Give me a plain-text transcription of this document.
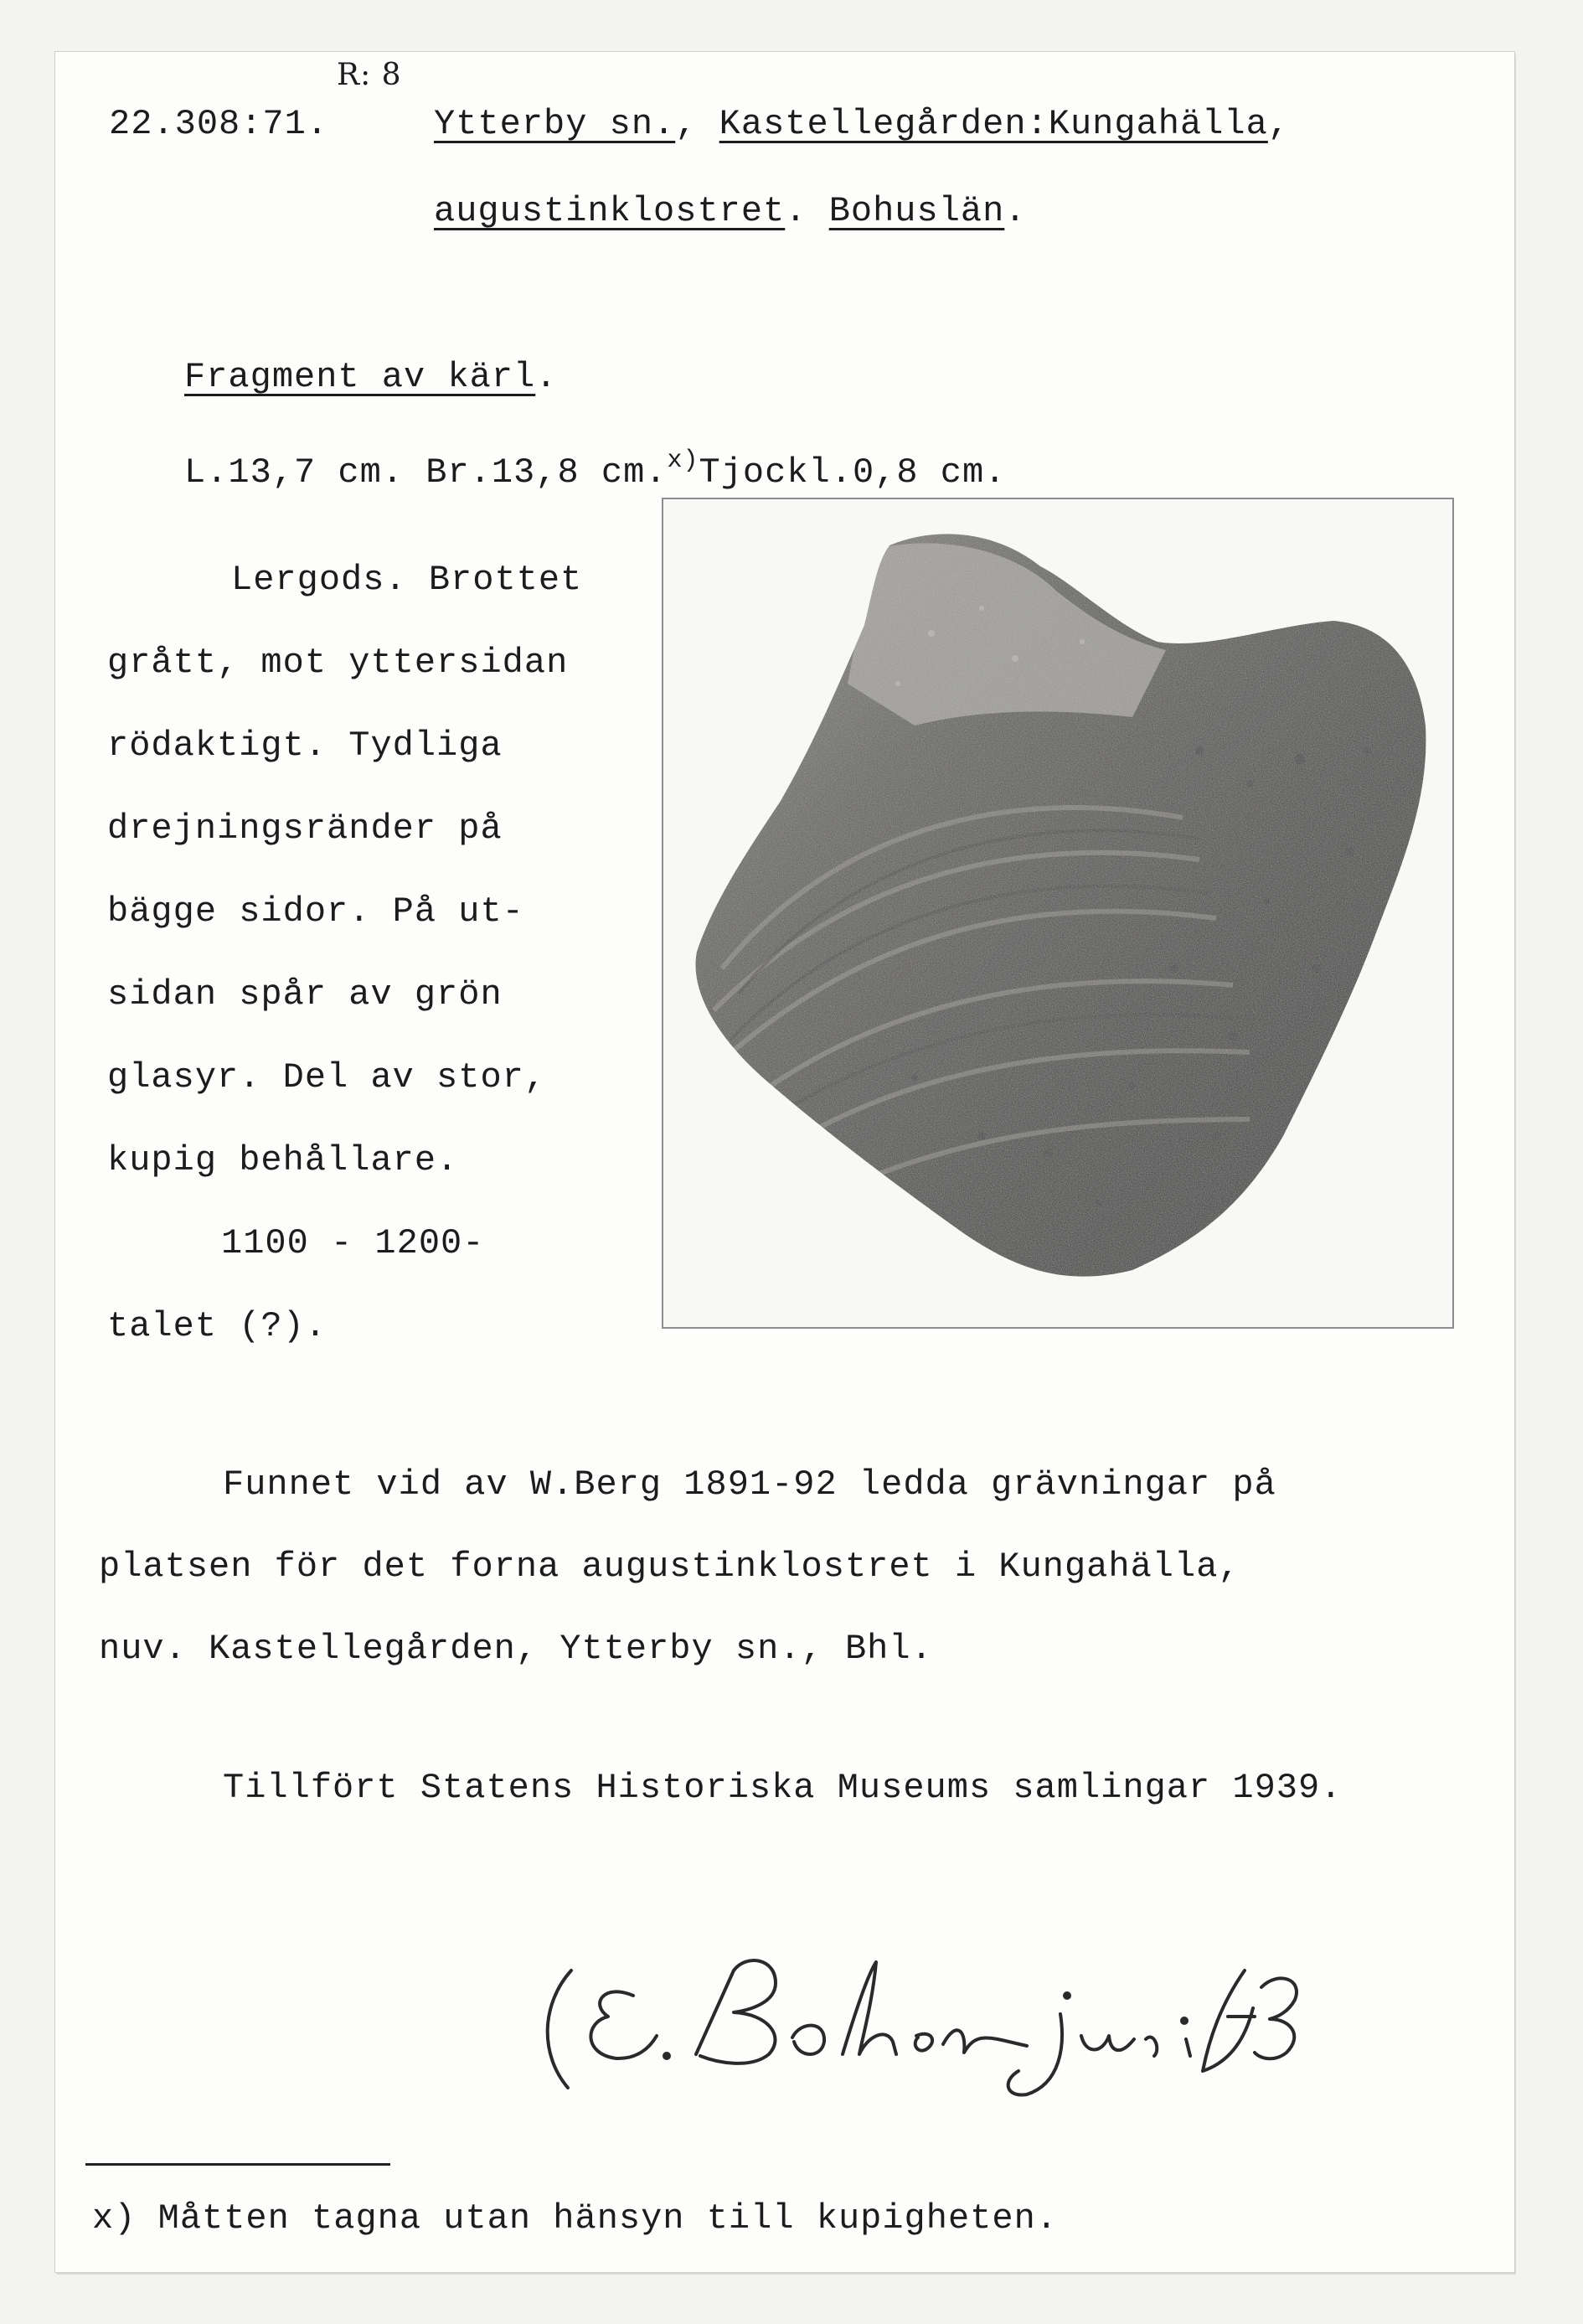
R: 8
22.308:71.	Ytterby sn., Kastellegården:Kungahälla,
augustinklostret. Bohuslän.
Fragment av kärl.
L.13,7 cm. Br.13,8 cm.$^{x)}$Tjockl.0,8 cm.
Lergods. Brottet
grått, mot yttersidan
rödaktigt. Tydliga
drejningsränder på
bägge sidor. På ut-
sidan spår av grön
glasyr. Del av stor,
kupig behållare.
1100 - 1200-
talet (?).
Funnet vid av W.Berg 1891-92 ledda grävningar på
platsen för det forna augustinklostret i Kungahälla,
nuv. Kastellegården, Ytterby sn., Bhl.
Tillfört Statens Historiska Museums samlingar 1939.
x) Måtten tagna utan hänsyn till kupigheten.
